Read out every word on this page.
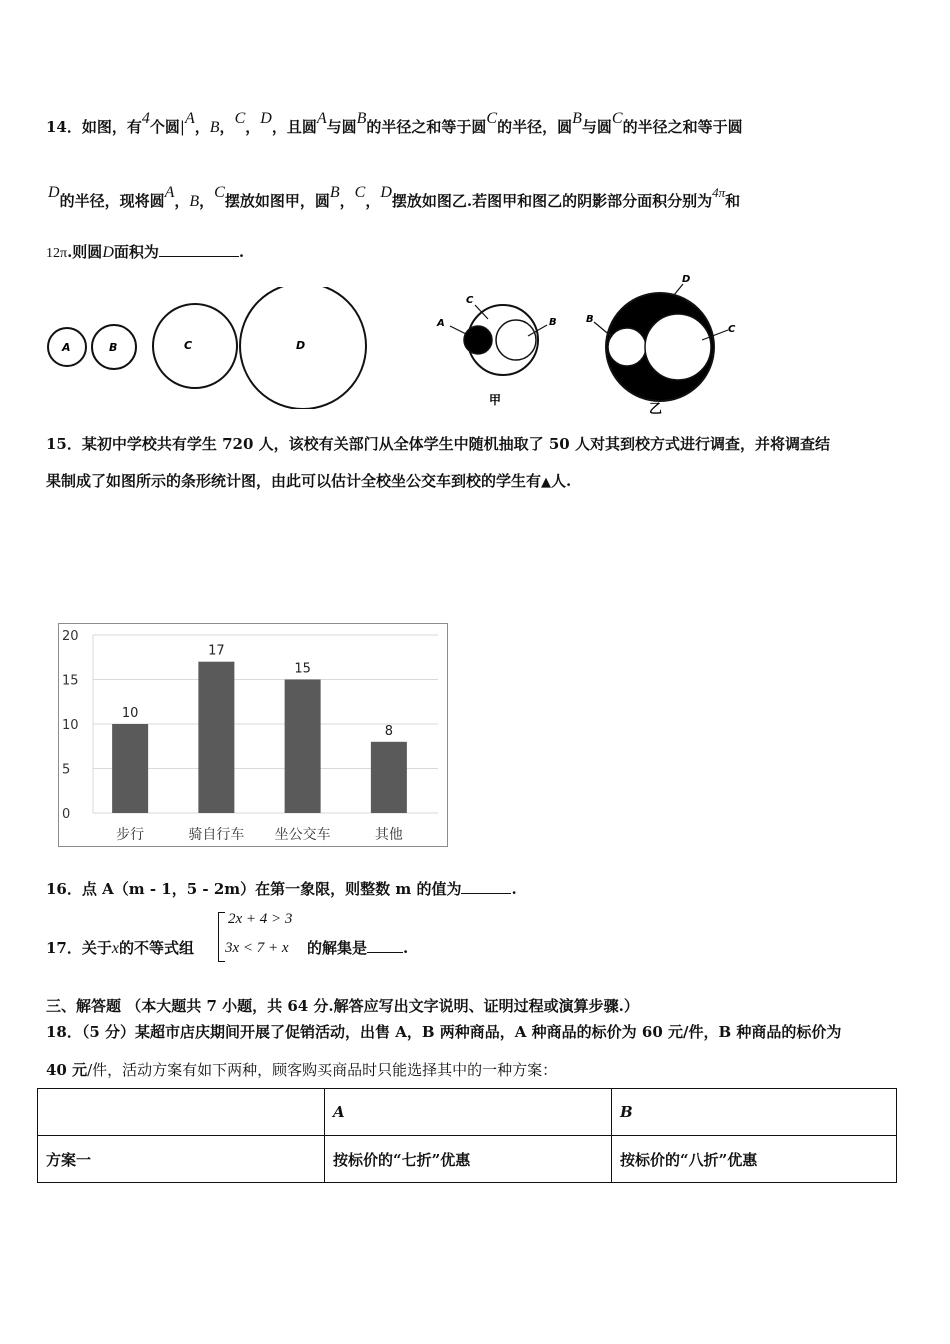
14．如图，有4个圆|A，B，C，D，且圆A与圆B的半径之和等于圆C的半径，圆B与圆C的半径之和等于圆
D的半径，现将圆A，B，C摆放如图甲，圆B，C，D摆放如图乙.若图甲和图乙的阴影部分面积分别为4π和
12π.则圆D面积为	.
A	B	C	D
C
A	B
甲
D
B
C
乙
15．某初中学校共有学生 720 人，该校有关部门从全体学生中随机抽取了 50 人对其到校方式进行调查，并将调查结
果制成了如图所示的条形统计图，由此可以估计全校坐公交车到校的学生有▲人.
0
5
10
15
20
10
17
15
8
步行	骑自行车 坐公交车	其他
16．点 A（m - 1，5 - 2m）在第一象限，则整数 m 的值为	.
17．关于x的不等式组
2x + 4 > 3
3x < 7 + x 的解集是 .
三、解答题 （本大题共 7 小题，共 64 分.解答应写出文字说明、证明过程或演算步骤.）
18．（5 分）某超市店庆期间开展了促销活动，出售 A，B 两种商品，A 种商品的标价为 60 元/件，B 种商品的标价为
40 元/件，活动方案有如下两种，顾客购买商品时只能选择其中的一种方案：
	A	B
方案一	按标价的“七折”优惠	按标价的“八折”优惠
